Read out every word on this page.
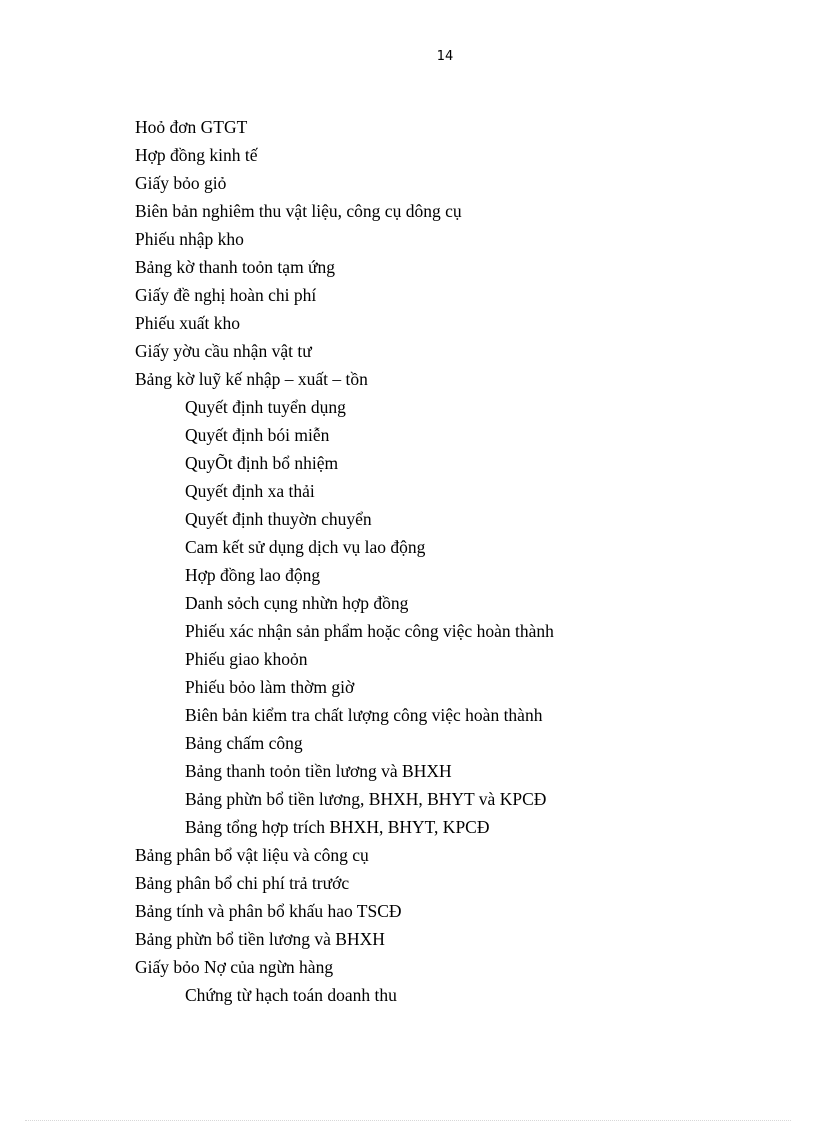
14
Hoỏ đơn GTGT
Hợp đồng kinh tế
Giấy bỏo giỏ
Biên bản nghiêm thu vật liệu, công cụ dông cụ
Phiếu nhập kho
Bảng kờ thanh toỏn tạm ứng
Giấy đề nghị hoàn chi phí
Phiếu xuất kho
Giấy yờu cầu nhận vật tư
Bảng kờ luỹ kế nhập – xuất – tồn
Quyết định tuyển dụng
Quyết định bói miễn
QuyÕt định bổ nhiệm
Quyết định xa thải
Quyết định thuyờn chuyển
Cam kết sử dụng dịch vụ lao động
Hợp đồng lao động
Danh sỏch cụng nhừn hợp đồng
Phiếu xác nhận sản phẩm hoặc công việc hoàn thành
Phiếu giao khoỏn
Phiếu bỏo làm thờm giờ
Biên bản kiểm tra chất lượng công việc hoàn thành
Bảng chấm công
Bảng thanh toỏn tiền lương và BHXH
Bảng phừn bổ tiền lương, BHXH, BHYT và KPCĐ
Bảng tổng hợp trích BHXH, BHYT, KPCĐ
Bảng phân bổ vật liệu và công cụ
Bảng phân bổ chi phí trả trước
Bảng tính và phân bổ khấu hao TSCĐ
Bảng phừn bổ tiền lương và BHXH
Giấy bỏo Nợ của ngừn hàng
Chứng từ hạch toán doanh thu
